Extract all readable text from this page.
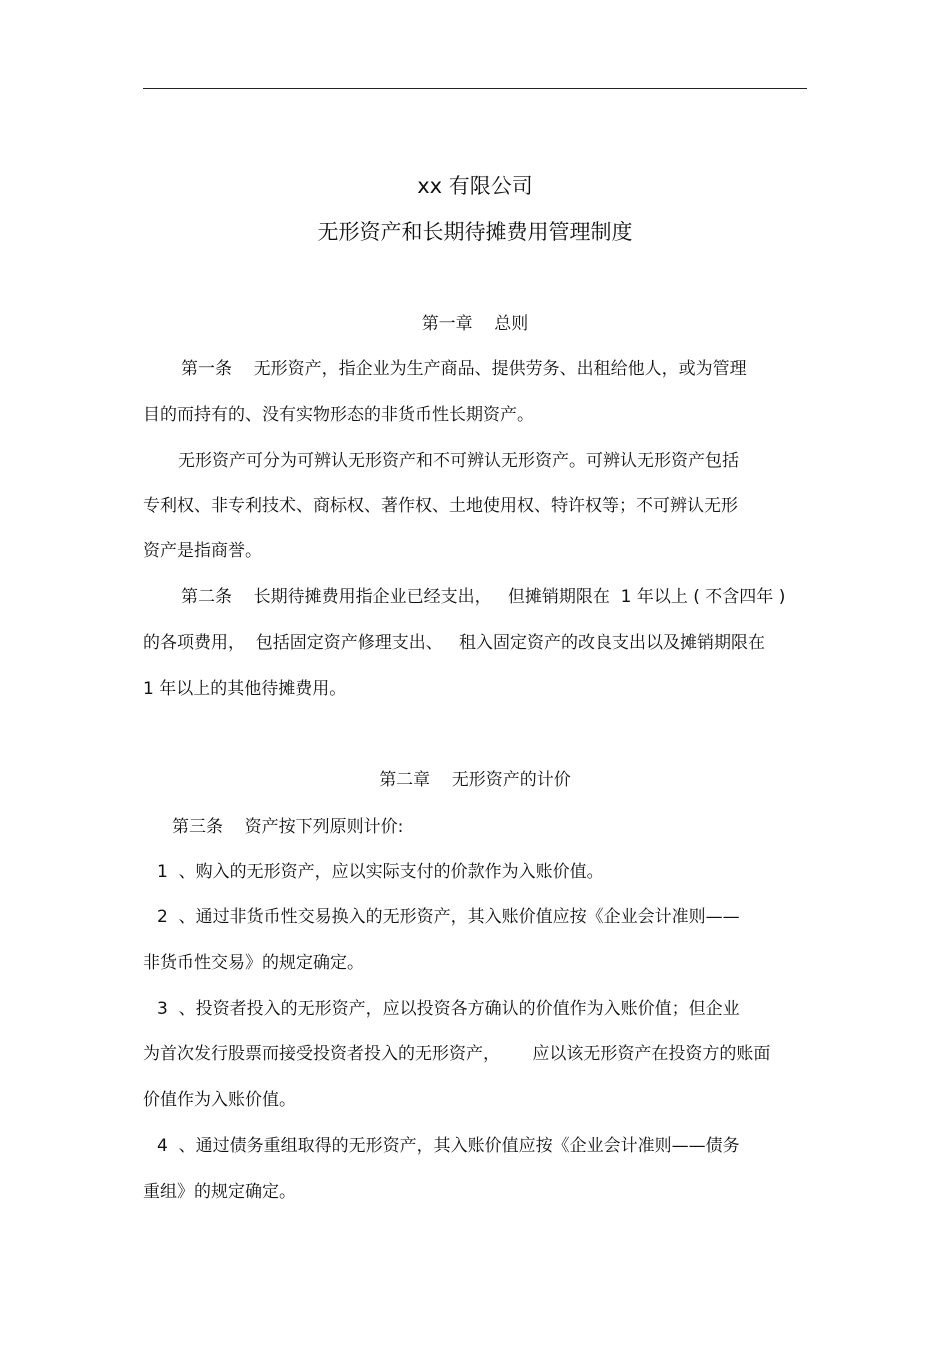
xx 有限公司
无形资产和长期待摊费用管理制度
第一章    总则
第一条    无形资产，指企业为生产商品、提供劳务、出租给他人，或为管理
目的而持有的、没有实物形态的非货币性长期资产。
无形资产可分为可辨认无形资产和不可辨认无形资产。可辨认无形资产包括
专利权、非专利技术、商标权、著作权、土地使用权、特许权等；不可辨认无形
资产是指商誉。
第二条    长期待摊费用指企业已经支出，   但摊销期限在  1 年以上 ( 不含四年 )
的各项费用，  包括固定资产修理支出、   租入固定资产的改良支出以及摊销期限在
1 年以上的其他待摊费用。
第二章    无形资产的计价
第三条    资产按下列原则计价:
1  、购入的无形资产，应以实际支付的价款作为入账价值。
2  、通过非货币性交易换入的无形资产，其入账价值应按《企业会计准则——
非货币性交易》的规定确定。
3  、投资者投入的无形资产，应以投资各方确认的价值作为入账价值；但企业
为首次发行股票而接受投资者投入的无形资产，      应以该无形资产在投资方的账面
价值作为入账价值。
4  、通过债务重组取得的无形资产，其入账价值应按《企业会计准则——债务
重组》的规定确定。
